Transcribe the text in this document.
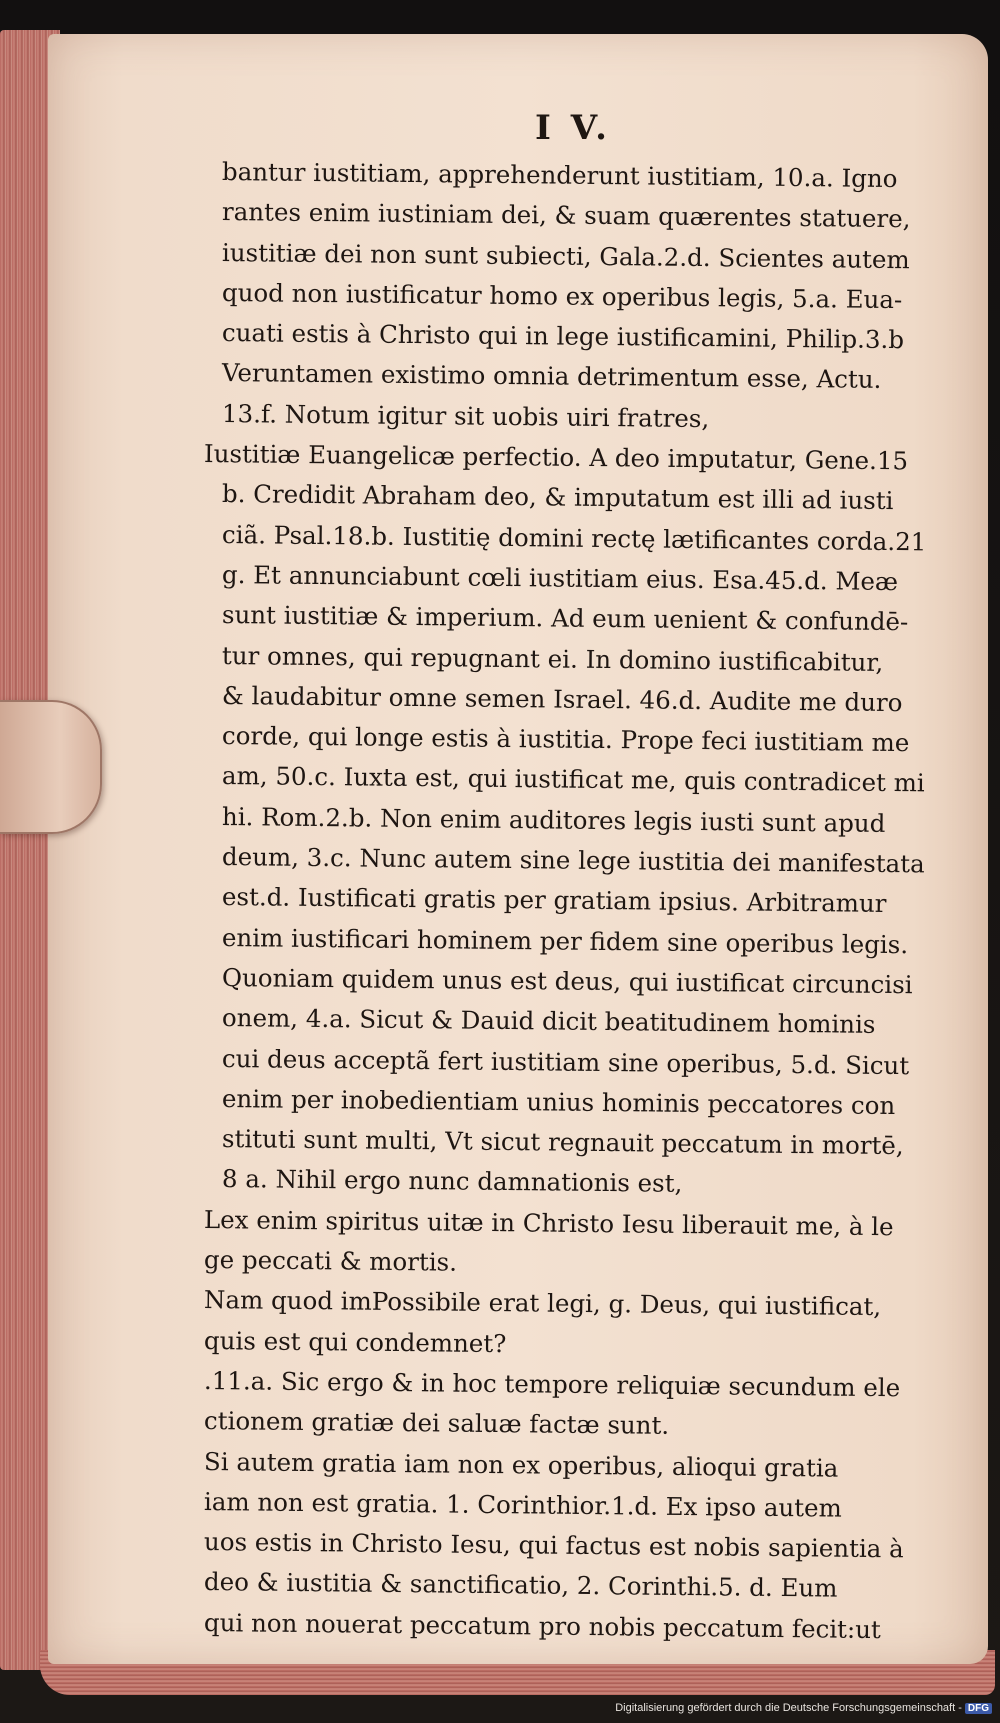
I V.
bantur iustitiam, apprehenderunt iustitiam, 10.a. Igno
rantes enim iustiniam dei, & suam quærentes statuere,
iustitiæ dei non sunt subiecti, Gala.2.d. Scientes autem
quod non iustificatur homo ex operibus legis, 5.a. Eua-
cuati estis à Christo qui in lege iustificamini, Philip.3.b
Veruntamen existimo omnia detrimentum esse, Actu.
13.f. Notum igitur sit uobis uiri fratres,
Iustitiæ Euangelicæ perfectio. A deo imputatur, Gene.15
b. Credidit Abraham deo, & imputatum est illi ad iusti
ciã. Psal.18.b. Iustitię domini rectę lætificantes corda.21
g. Et annunciabunt cœli iustitiam eius. Esa.45.d. Meæ
sunt iustitiæ & imperium. Ad eum uenient & confundē-
tur omnes, qui repugnant ei. In domino iustificabitur,
& laudabitur omne semen Israel. 46.d. Audite me duro
corde, qui longe estis à iustitia. Prope feci iustitiam me
am, 50.c. Iuxta est, qui iustificat me, quis contradicet mi
hi. Rom.2.b. Non enim auditores legis iusti sunt apud
deum, 3.c. Nunc autem sine lege iustitia dei manifestata
est.d. Iustificati gratis per gratiam ipsius. Arbitramur
enim iustificari hominem per fidem sine operibus legis.
Quoniam quidem unus est deus, qui iustificat circuncisi
onem, 4.a. Sicut & Dauid dicit beatitudinem hominis
cui deus acceptã fert iustitiam sine operibus, 5.d. Sicut
enim per inobedientiam unius hominis peccatores con
stituti sunt multi, Vt sicut regnauit peccatum in mortē,
8 a. Nihil ergo nunc damnationis est,
Lex enim spiritus uitæ in Christo Iesu liberauit me, à le
ge peccati & mortis.
Nam quod imPossibile erat legi, g. Deus, qui iustificat,
quis est qui condemnet?
.11.a. Sic ergo & in hoc tempore reliquiæ secundum ele
ctionem gratiæ dei saluæ factæ sunt.
Si autem gratia iam non ex operibus, alioqui gratia
iam non est gratia. 1. Corinthior.1.d. Ex ipso autem
uos estis in Christo Iesu, qui factus est nobis sapientia à
deo & iustitia & sanctificatio, 2. Corinthi.5. d. Eum
qui non nouerat peccatum pro nobis peccatum fecit:ut
Digitalisierung gefördert durch die Deutsche Forschungsgemeinschaft - DFG
